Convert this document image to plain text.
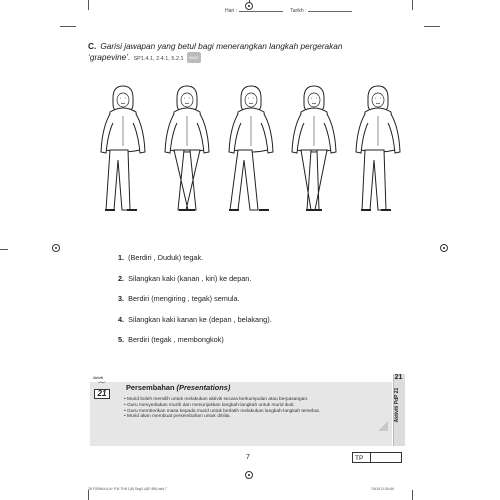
Hari :	Tarikh :
C. Garisi jawapan yang betul bagi menerangkan langkah pergerakan ‘grapevine’. SP1.4.1, 2.4.1, 5.2.1 KBAT
1. (Berdiri , Duduk) tegak.
2. Silangkan kaki (kanan , kiri) ke depan.
3. Berdiri (mengiring , tegak) semula.
4. Silangkan kaki kanan ke (depan , belakang).
5. Berdiri (tegak , membongkok)
Aktiviti
21
Persembahan (Presentations)
• Murid boleh memilih untuk melakukan aktiviti secara berkumpulan atau berpasangan.
• Guru menyediakan muzik dan menunjukkan langkah-langkah untuk murid ikuti.
• Guru memberikan masa kepada murid untuk berlatih melakukan langkah-langkah tersebut.
• Murid akan membuat persembahan untuk dinilai.
21
Aktiviti PdP 21
7	TP
2B FORMULA A+ PJK THN 1(B) Sing3.u2(P-8/8).indd 7	7/6/18 11:06 AM
